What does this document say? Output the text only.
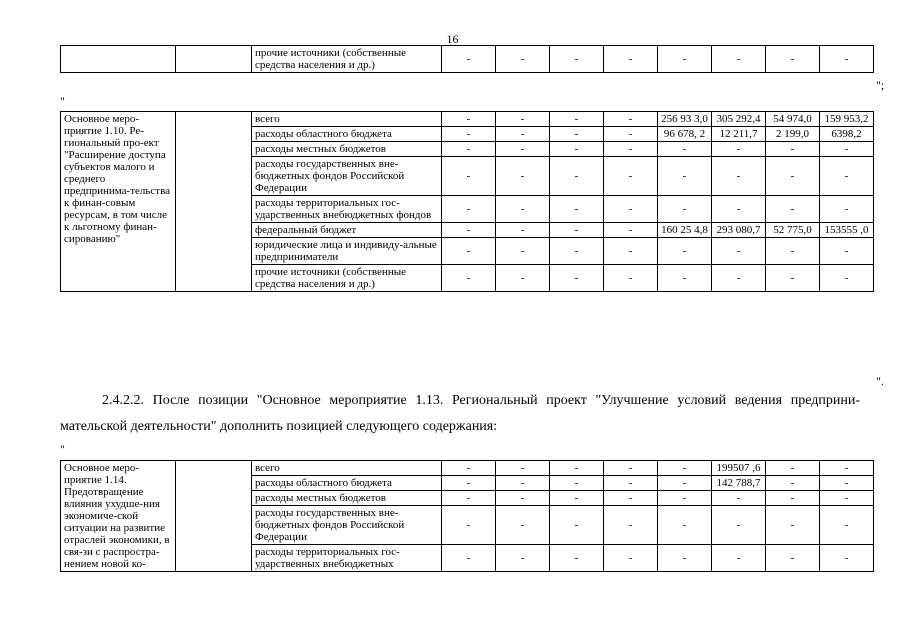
16
		прочие источники (собственные средства населения и др.)	-	-	-	-	-	-	-	-
";
"
Основное меро-приятие 1.10. Ре-гиональный про-ект "Расширение доступа субъектов малого и среднего предпринима-тельства к финан-совым ресурсам, в том числе к льготному финан-сированию"		всего	-	-	-	-	256 93 3,0	305 292,4	54 974,0	159 953,2
		расходы областного бюджета	-	-	-	-	96 678, 2	12 211,7	2 199,0	6398,2
		расходы местных бюджетов	-	-	-	-	-	-	-	-
		расходы государственных вне-бюджетных фондов Российской Федерации	-	-	-	-	-	-	-	-
		расходы территориальных гос-ударственных внебюджетных фондов	-	-	-	-	-	-	-	-
		федеральный бюджет	-	-	-	-	160 25 4,8	293 080,7	52 775,0	153555 ,0
		юридические лица и индивиду-альные предприниматели	-	-	-	-	-	-	-	-
		прочие источники (собственные средства населения и др.)	-	-	-	-	-	-	-	-
".
2.4.2.2. После позиции "Основное мероприятие 1.13. Региональный проект "Улучшение условий ведения предприни-мательской деятельности" дополнить позицией следующего содержания:
"
Основное меро-приятие 1.14. Предотвращение влияния ухудше-ния экономиче-ской ситуации на развитие отраслей экономики, в свя-зи с распростра-нением новой ко-		всего	-	-	-	-	-	199507 ,6	-	-
		расходы областного бюджета	-	-	-	-	-	142 788,7	-	-
		расходы местных бюджетов	-	-	-	-	-	-	-	-
		расходы государственных вне-бюджетных фондов Российской Федерации	-	-	-	-	-	-	-	-
		расходы территориальных гос-ударственных внебюджетных	-	-	-	-	-	-	-	-
